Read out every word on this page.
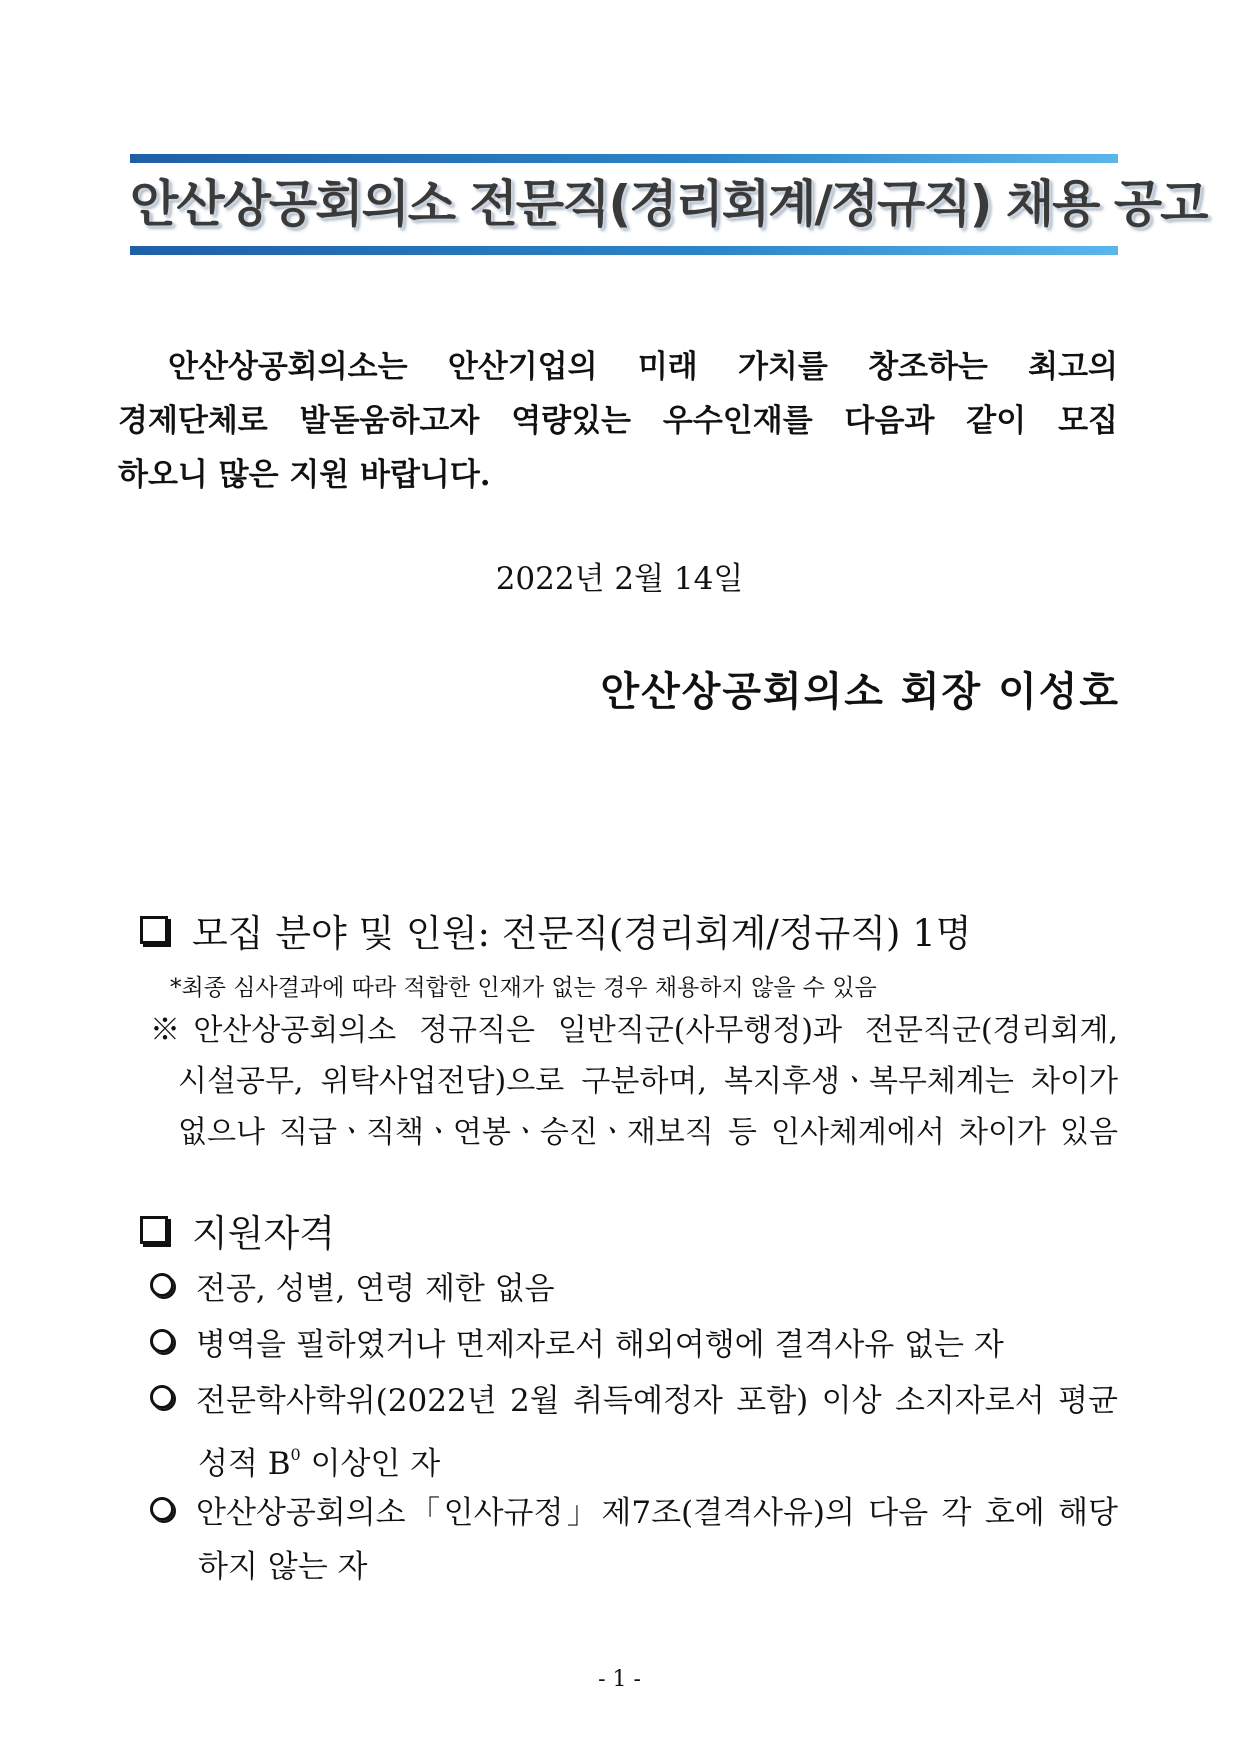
안산상공회의소 전문직(경리회계/정규직) 채용 공고
안산상공회의소는 안산기업의 미래 가치를 창조하는 최고의
경제단체로 발돋움하고자 역량있는 우수인재를 다음과 같이 모집
하오니 많은 지원 바랍니다.
2022년 2월 14일
안산상공회의소 회장 이성호
모집 분야 및 인원: 전문직(경리회계/정규직) 1명
*최종 심사결과에 따라 적합한 인재가 없는 경우 채용하지 않을 수 있음
※안산상공회의소 정규직은 일반직군(사무행정)과 전문직군(경리회계,
시설공무, 위탁사업전담)으로 구분하며, 복지후생ㆍ복무체계는 차이가
없으나 직급ㆍ직책ㆍ연봉ㆍ승진ㆍ재보직 등 인사체계에서 차이가 있음
지원자격
전공, 성별, 연령 제한 없음
병역을 필하였거나 면제자로서 해외여행에 결격사유 없는 자
전문학사학위(2022년 2월 취득예정자 포함) 이상 소지자로서 평균
성적 $B^0$ 이상인 자
안산상공회의소「인사규정」제7조(결격사유)의 다음 각 호에 해당
하지 않는 자
- 1 -
